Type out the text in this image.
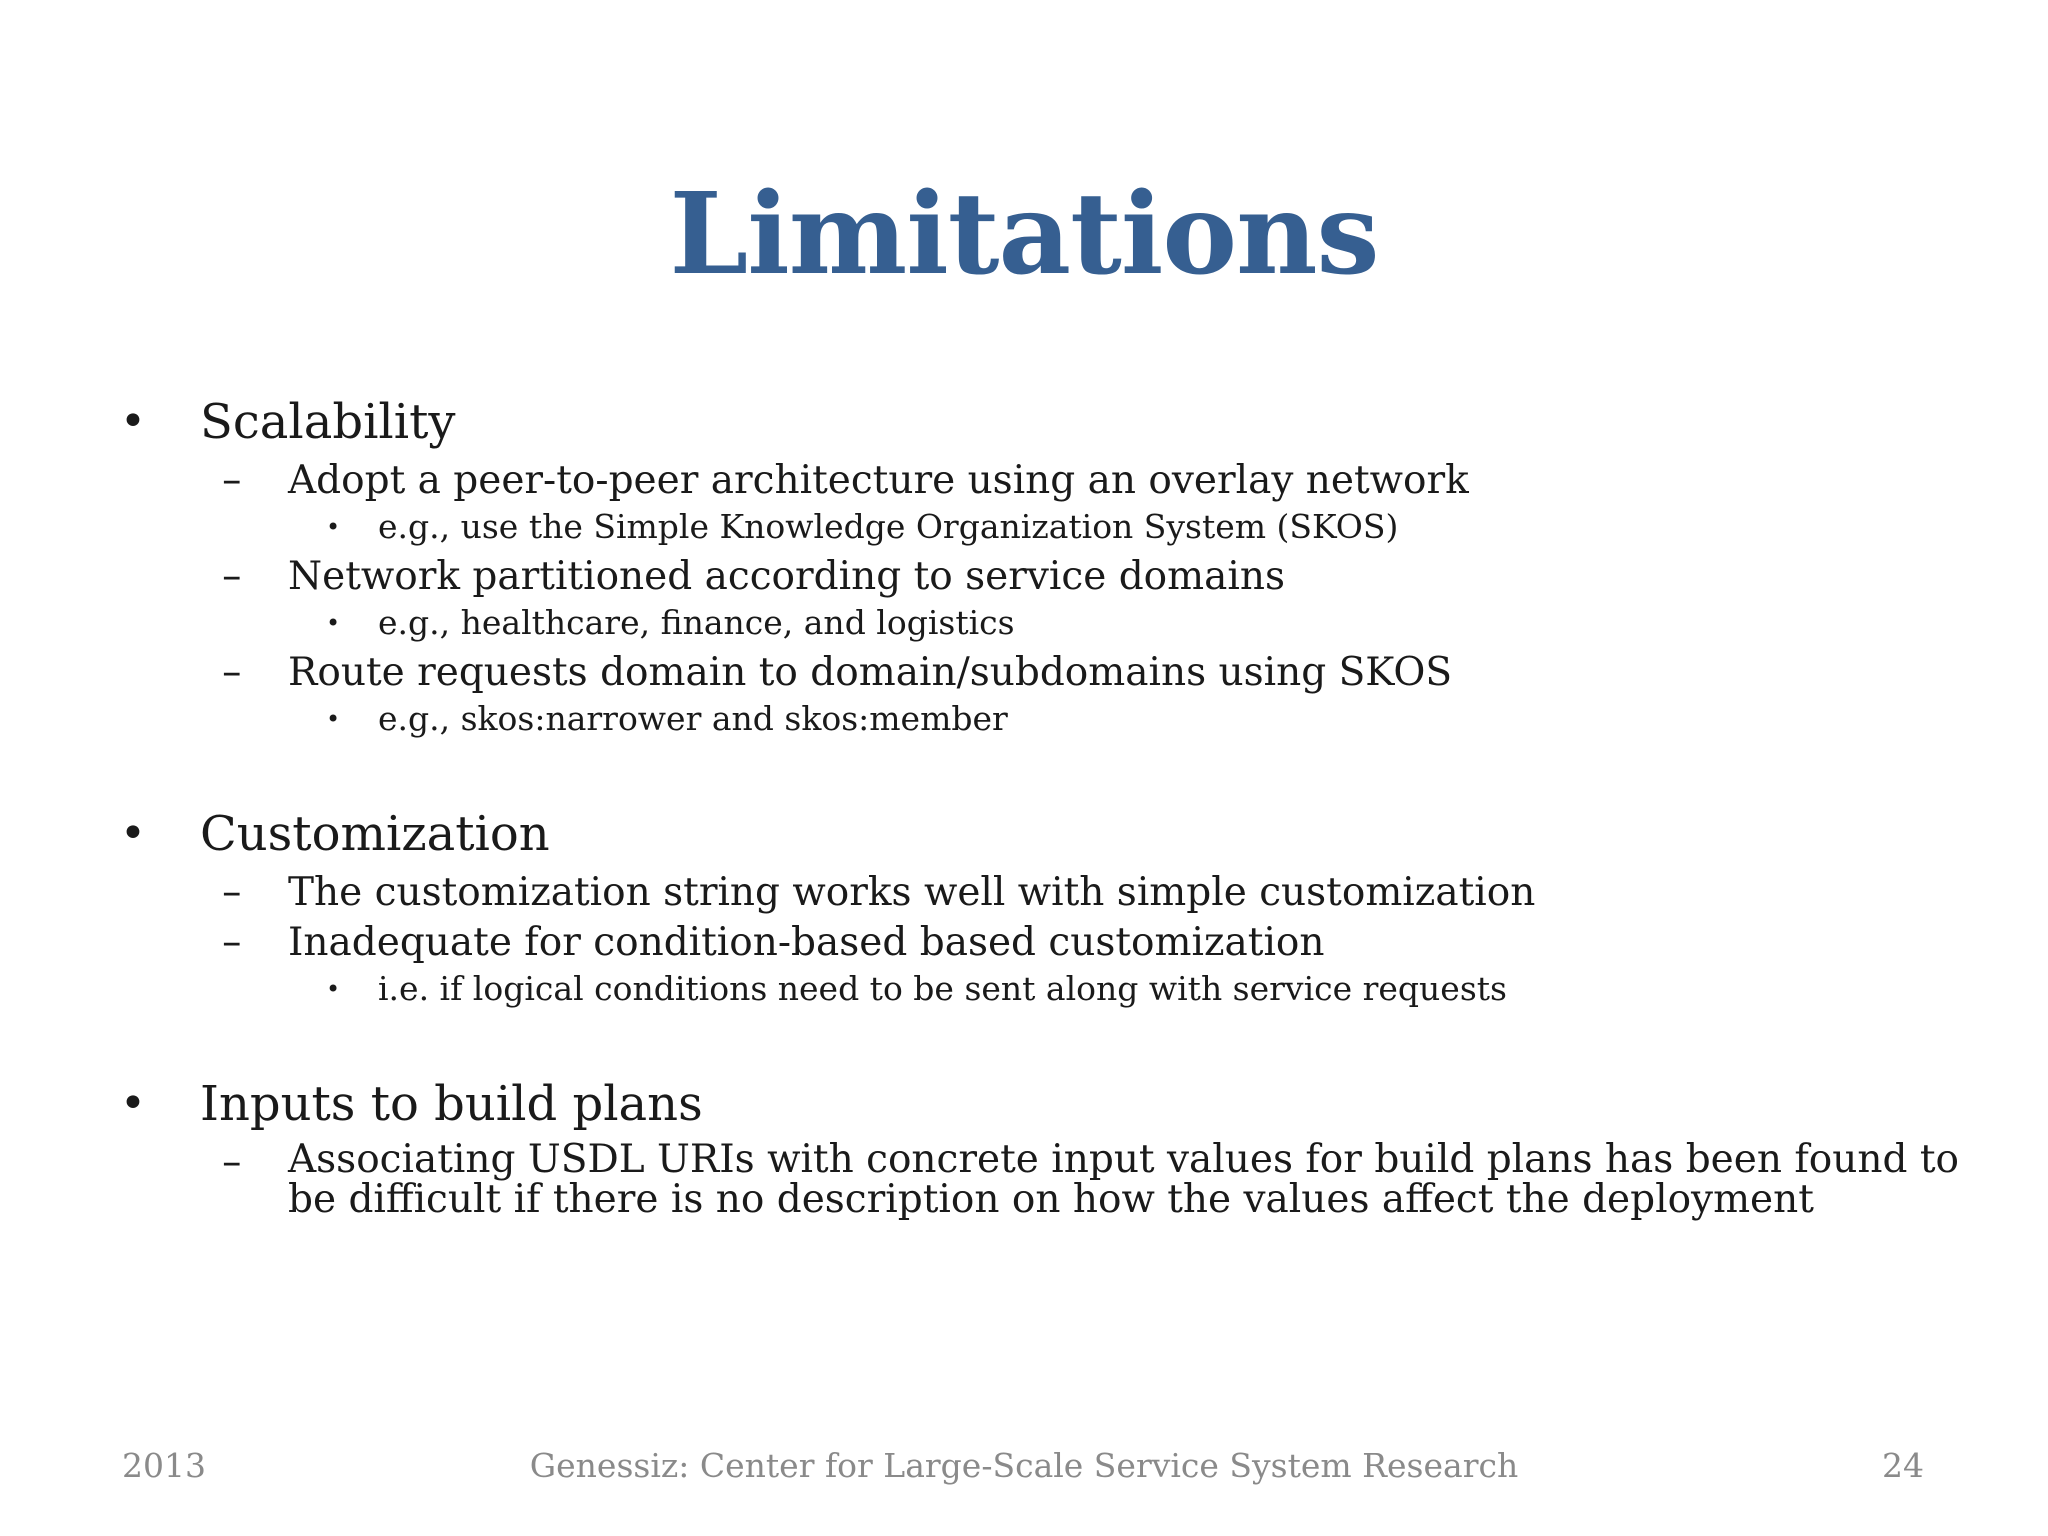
Limitations
• Scalability
– Adopt a peer-to-peer architecture using an overlay network
• e.g., use the Simple Knowledge Organization System (SKOS)
– Network partitioned according to service domains
• e.g., healthcare, finance, and logistics
– Route requests domain to domain/subdomains using SKOS
• e.g., skos:narrower and skos:member
• Customization
– The customization string works well with simple customization
– Inadequate for condition-based based customization
• i.e. if logical conditions need to be sent along with service requests
• Inputs to build plans
– Associating USDL URIs with concrete input values for build plans has been found to be difficult if there is no description on how the values affect the deployment
2013	Genessiz: Center for Large-Scale Service System Research	24
